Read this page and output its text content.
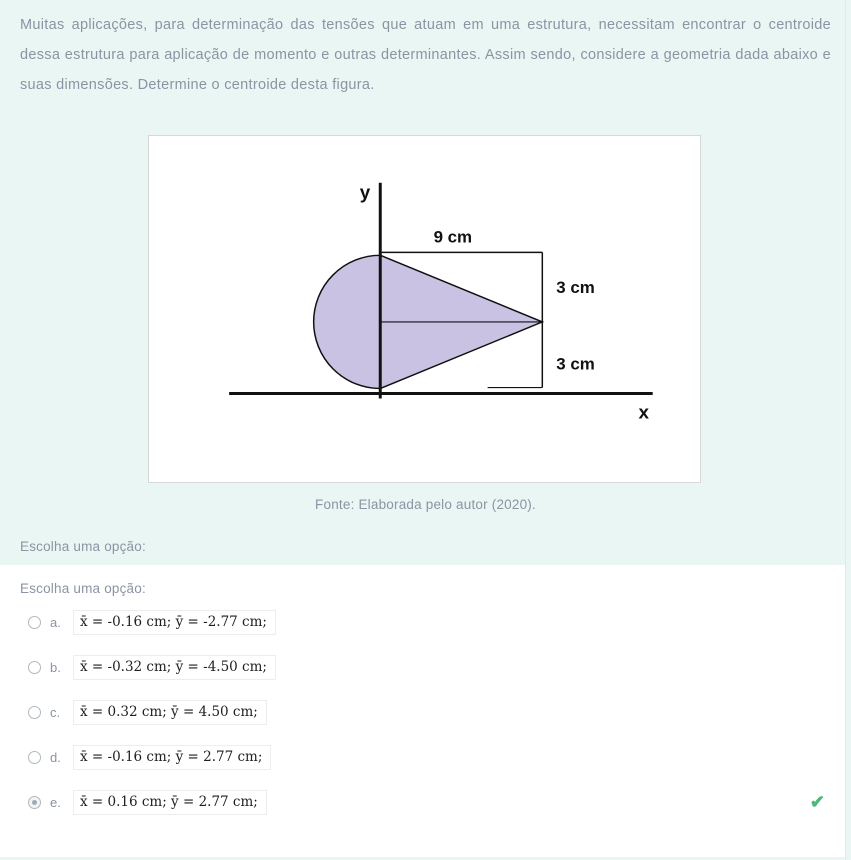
Muitas aplicações, para determinação das tensões que atuam em uma estrutura, necessitam encontrar o centroide dessa estrutura para aplicação de momento e outras determinantes. Assim sendo, considere a geometria dada abaixo e suas dimensões. Determine o centroide desta figura.
y
x
9 cm
3 cm
3 cm
Fonte: Elaborada pelo autor (2020).
Escolha uma opção:
Escolha uma opção:
a.	x̄ = -0.16 cm; ȳ = -2.77 cm;
b.	x̄ = -0.32 cm; ȳ = -4.50 cm;
c.	x̄ = 0.32 cm; ȳ = 4.50 cm;
d.	x̄ = -0.16 cm; ȳ = 2.77 cm;
e.	x̄ = 0.16 cm; ȳ = 2.77 cm;	✔
